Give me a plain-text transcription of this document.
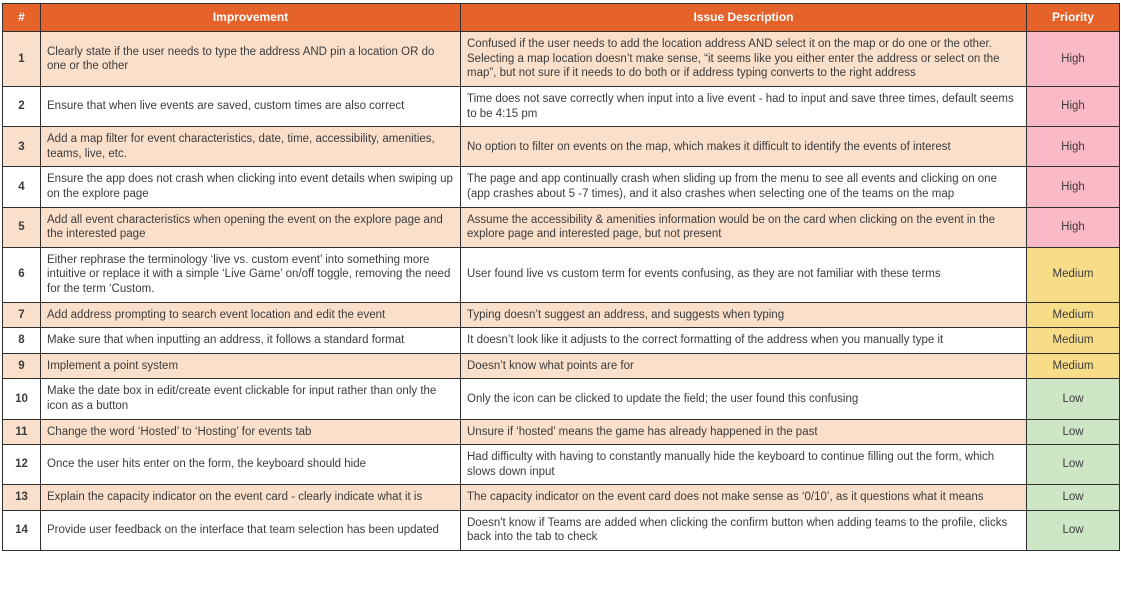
#	Improvement	Issue Description	Priority
1	Clearly state if the user needs to type the address AND pin a location OR do one or the other	Confused if the user needs to add the location address AND select it on the map or do one or the other. Selecting a map location doesn’t make sense, “it seems like you either enter the address or select on the map”, but not sure if it needs to do both or if address typing converts to the right address	High
2	Ensure that when live events are saved, custom times are also correct	Time does not save correctly when input into a live event - had to input and save three times, default seems to be 4:15 pm	High
3	Add a map filter for event characteristics, date, time, accessibility, amenities, teams, live, etc.	No option to filter on events on the map, which makes it difficult to identify the events of interest	High
4	Ensure the app does not crash when clicking into event details when swiping up on the explore page	The page and app continually crash when sliding up from the menu to see all events and clicking on one (app crashes about 5 -7 times), and it also crashes when selecting one of the teams on the map	High
5	Add all event characteristics when opening the event on the explore page and the interested page	Assume the accessibility & amenities information would be on the card when clicking on the event in the explore page and interested page, but not present	High
6	Either rephrase the terminology ‘live vs. custom event’ into something more intuitive or replace it with a simple ‘Live Game’ on/off toggle, removing the need for the term ‘Custom.	User found live vs custom term for events confusing, as they are not familiar with these terms	Medium
7	Add address prompting to search event location and edit the event	Typing doesn’t suggest an address, and suggests when typing	Medium
8	Make sure that when inputting an address, it follows a standard format	It doesn’t look like it adjusts to the correct formatting of the address when you manually type it	Medium
9	Implement a point system	Doesn’t know what points are for	Medium
10	Make the date box in edit/create event clickable for input rather than only the icon as a button	Only the icon can be clicked to update the field; the user found this confusing	Low
11	Change the word ‘Hosted’ to ‘Hosting’ for events tab	Unsure if ‘hosted’ means the game has already happened in the past	Low
12	Once the user hits enter on the form, the keyboard should hide	Had difficulty with having to constantly manually hide the keyboard to continue filling out the form, which slows down input	Low
13	Explain the capacity indicator on the event card - clearly indicate what it is	The capacity indicator on the event card does not make sense as ‘0/10’, as it questions what it means	Low
14	Provide user feedback on the interface that team selection has been updated	Doesn't know if Teams are added when clicking the confirm button when adding teams to the profile, clicks back into the tab to check	Low
